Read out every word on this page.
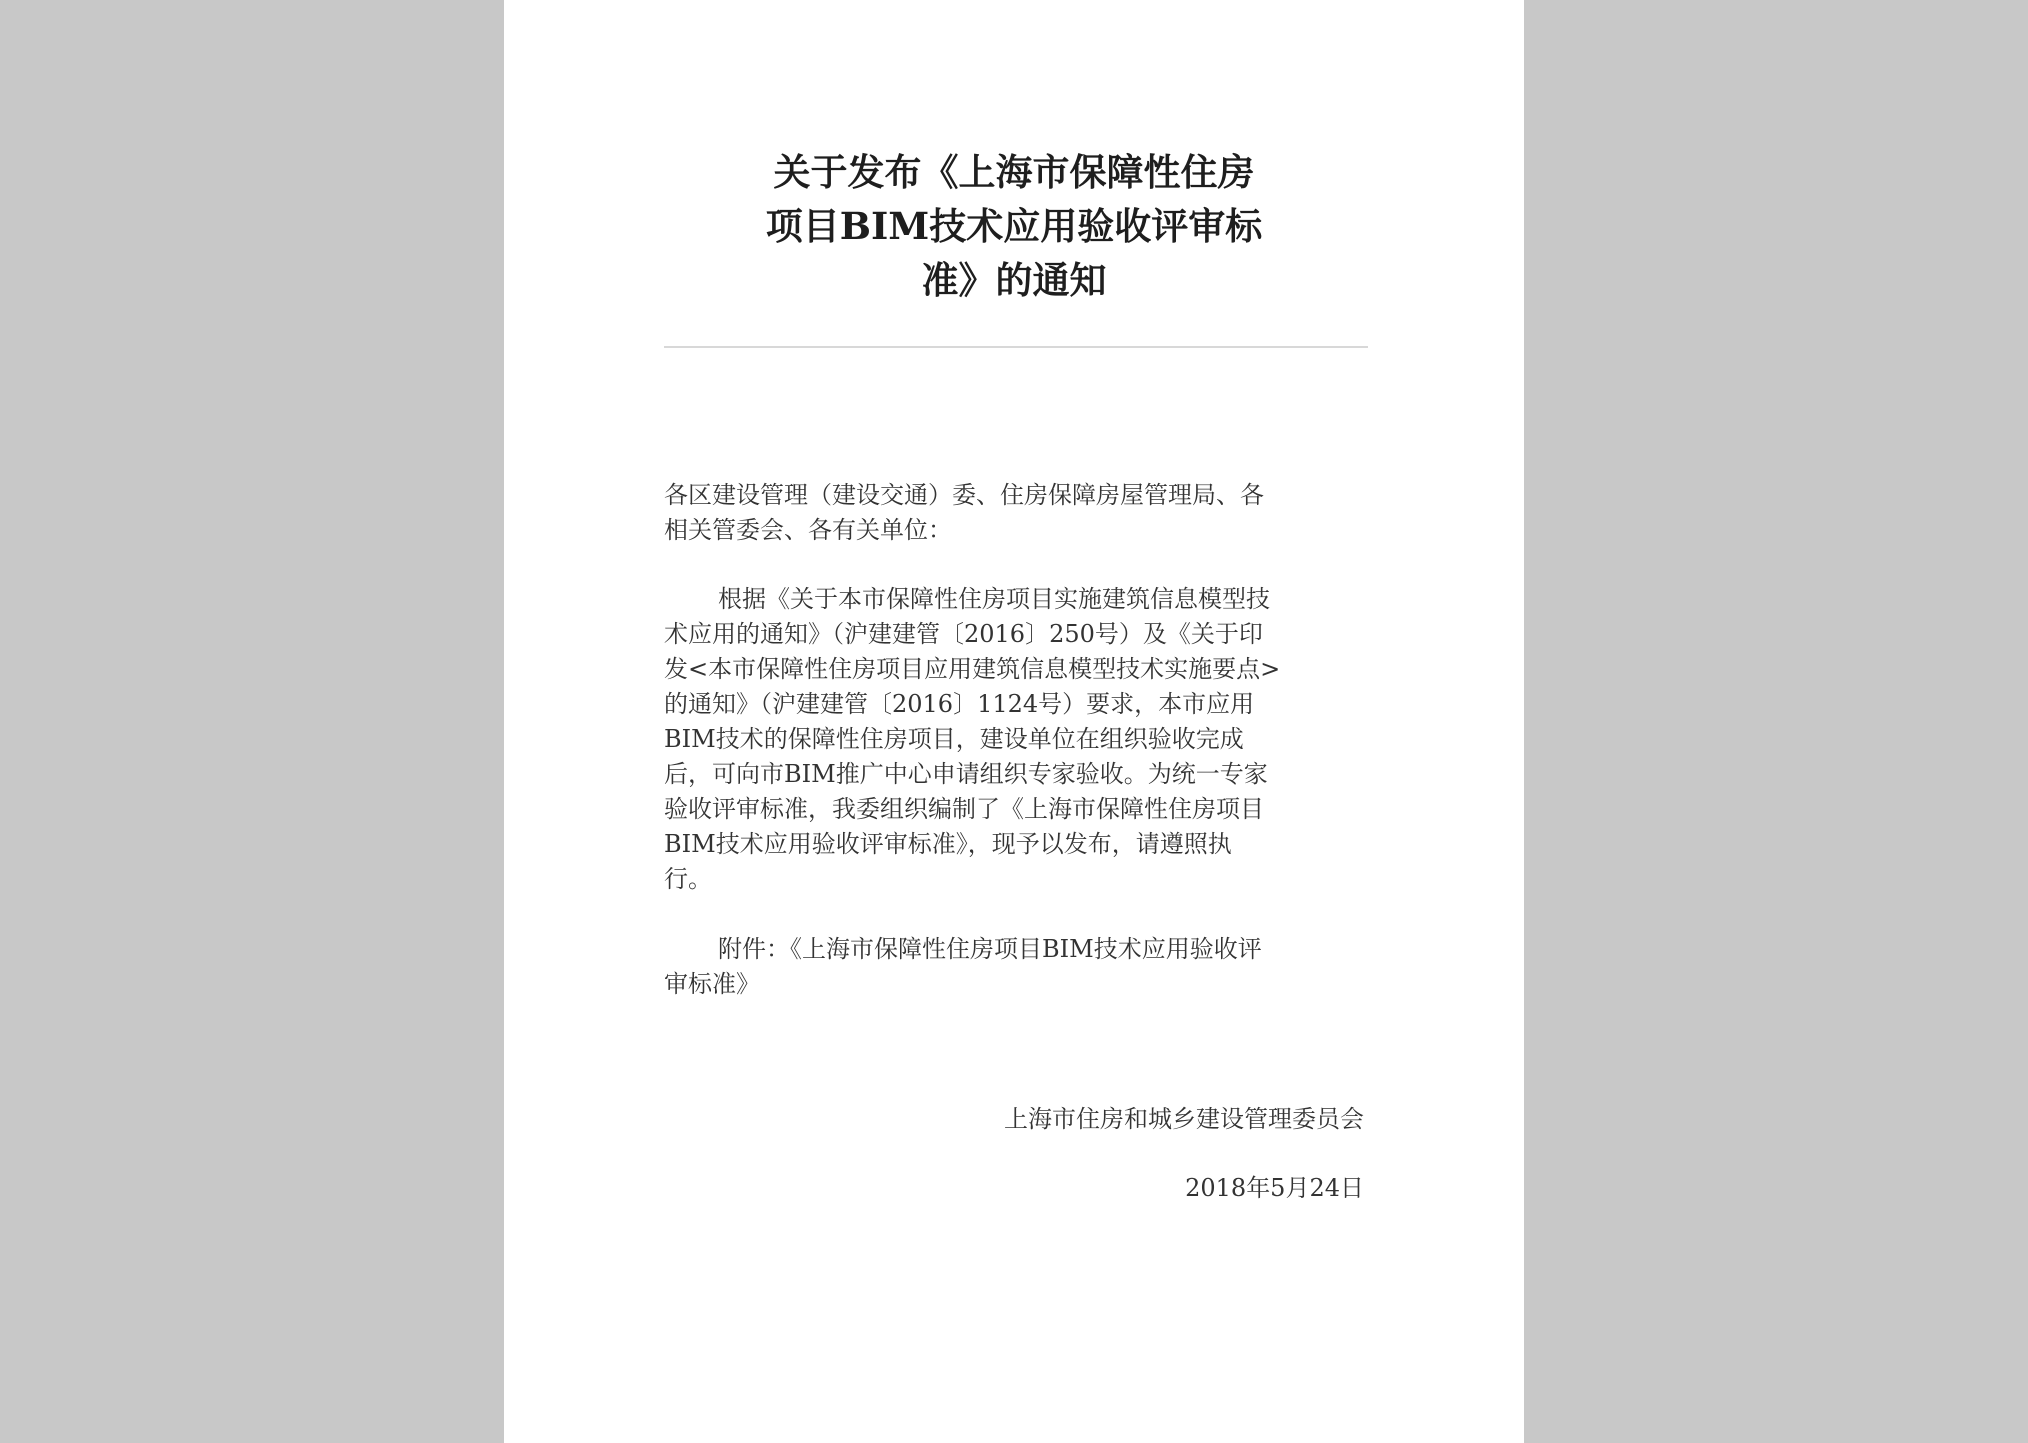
关于发布《上海市保障性住房
项目BIM技术应用验收评审标
准》的通知

各区建设管理（建设交通）委、住房保障房屋管理局、各
相关管委会、各有关单位：

根据《关于本市保障性住房项目实施建筑信息模型技
术应用的通知》（沪建建管〔2016〕250号）及《关于印
发<本市保障性住房项目应用建筑信息模型技术实施要点>
的通知》（沪建建管〔2016〕1124号）要求，本市应用
BIM技术的保障性住房项目，建设单位在组织验收完成
后，可向市BIM推广中心申请组织专家验收。为统一专家
验收评审标准，我委组织编制了《上海市保障性住房项目
BIM技术应用验收评审标准》，现予以发布，请遵照执
行。

附件：《上海市保障性住房项目BIM技术应用验收评
审标准》

上海市住房和城乡建设管理委员会
2018年5月24日
